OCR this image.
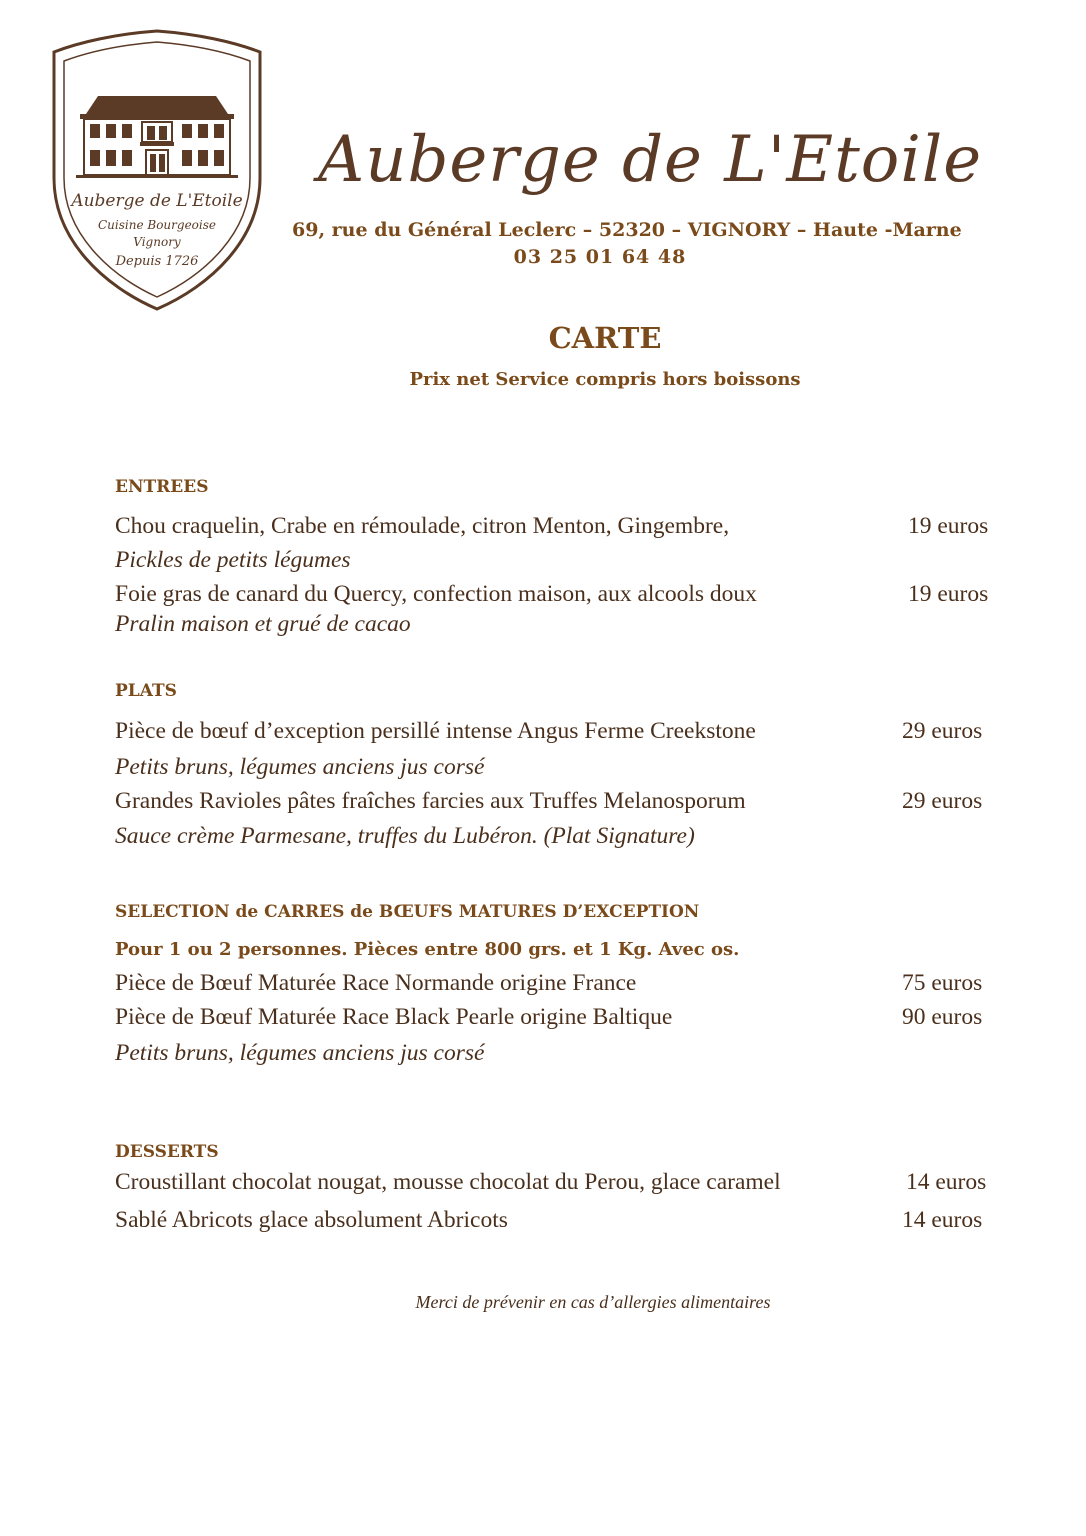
Auberge de L'Etoile
Cuisine Bourgeoise
Vignory
Depuis 1726
Auberge de L'Etoile
69, rue du Général Leclerc – 52320 – VIGNORY – Haute -Marne
03 25 01 64 48
CARTE
Prix net Service compris hors boissons
ENTREES
Chou craquelin, Crabe en rémoulade, citron Menton, Gingembre,	19 euros
Pickles de petits légumes
Foie gras de canard du Quercy, confection maison, aux alcools doux	19 euros
Pralin maison et grué de cacao
PLATS
Pièce de bœuf d’exception persillé intense Angus Ferme Creekstone	29 euros
Petits bruns, légumes anciens jus corsé
Grandes Ravioles pâtes fraîches farcies aux Truffes Melanosporum	29 euros
Sauce crème Parmesane, truffes du Lubéron. (Plat Signature)
SELECTION de CARRES de BŒUFS MATURES D’EXCEPTION
Pour 1 ou 2 personnes. Pièces entre 800 grs. et 1 Kg. Avec os.
Pièce de Bœuf Maturée Race Normande origine France	75 euros
Pièce de Bœuf Maturée Race Black Pearle origine Baltique	90 euros
Petits bruns, légumes anciens jus corsé
DESSERTS
Croustillant chocolat nougat, mousse chocolat du Perou, glace caramel	14 euros
Sablé Abricots glace absolument Abricots	14 euros
Merci de prévenir en cas d’allergies alimentaires
